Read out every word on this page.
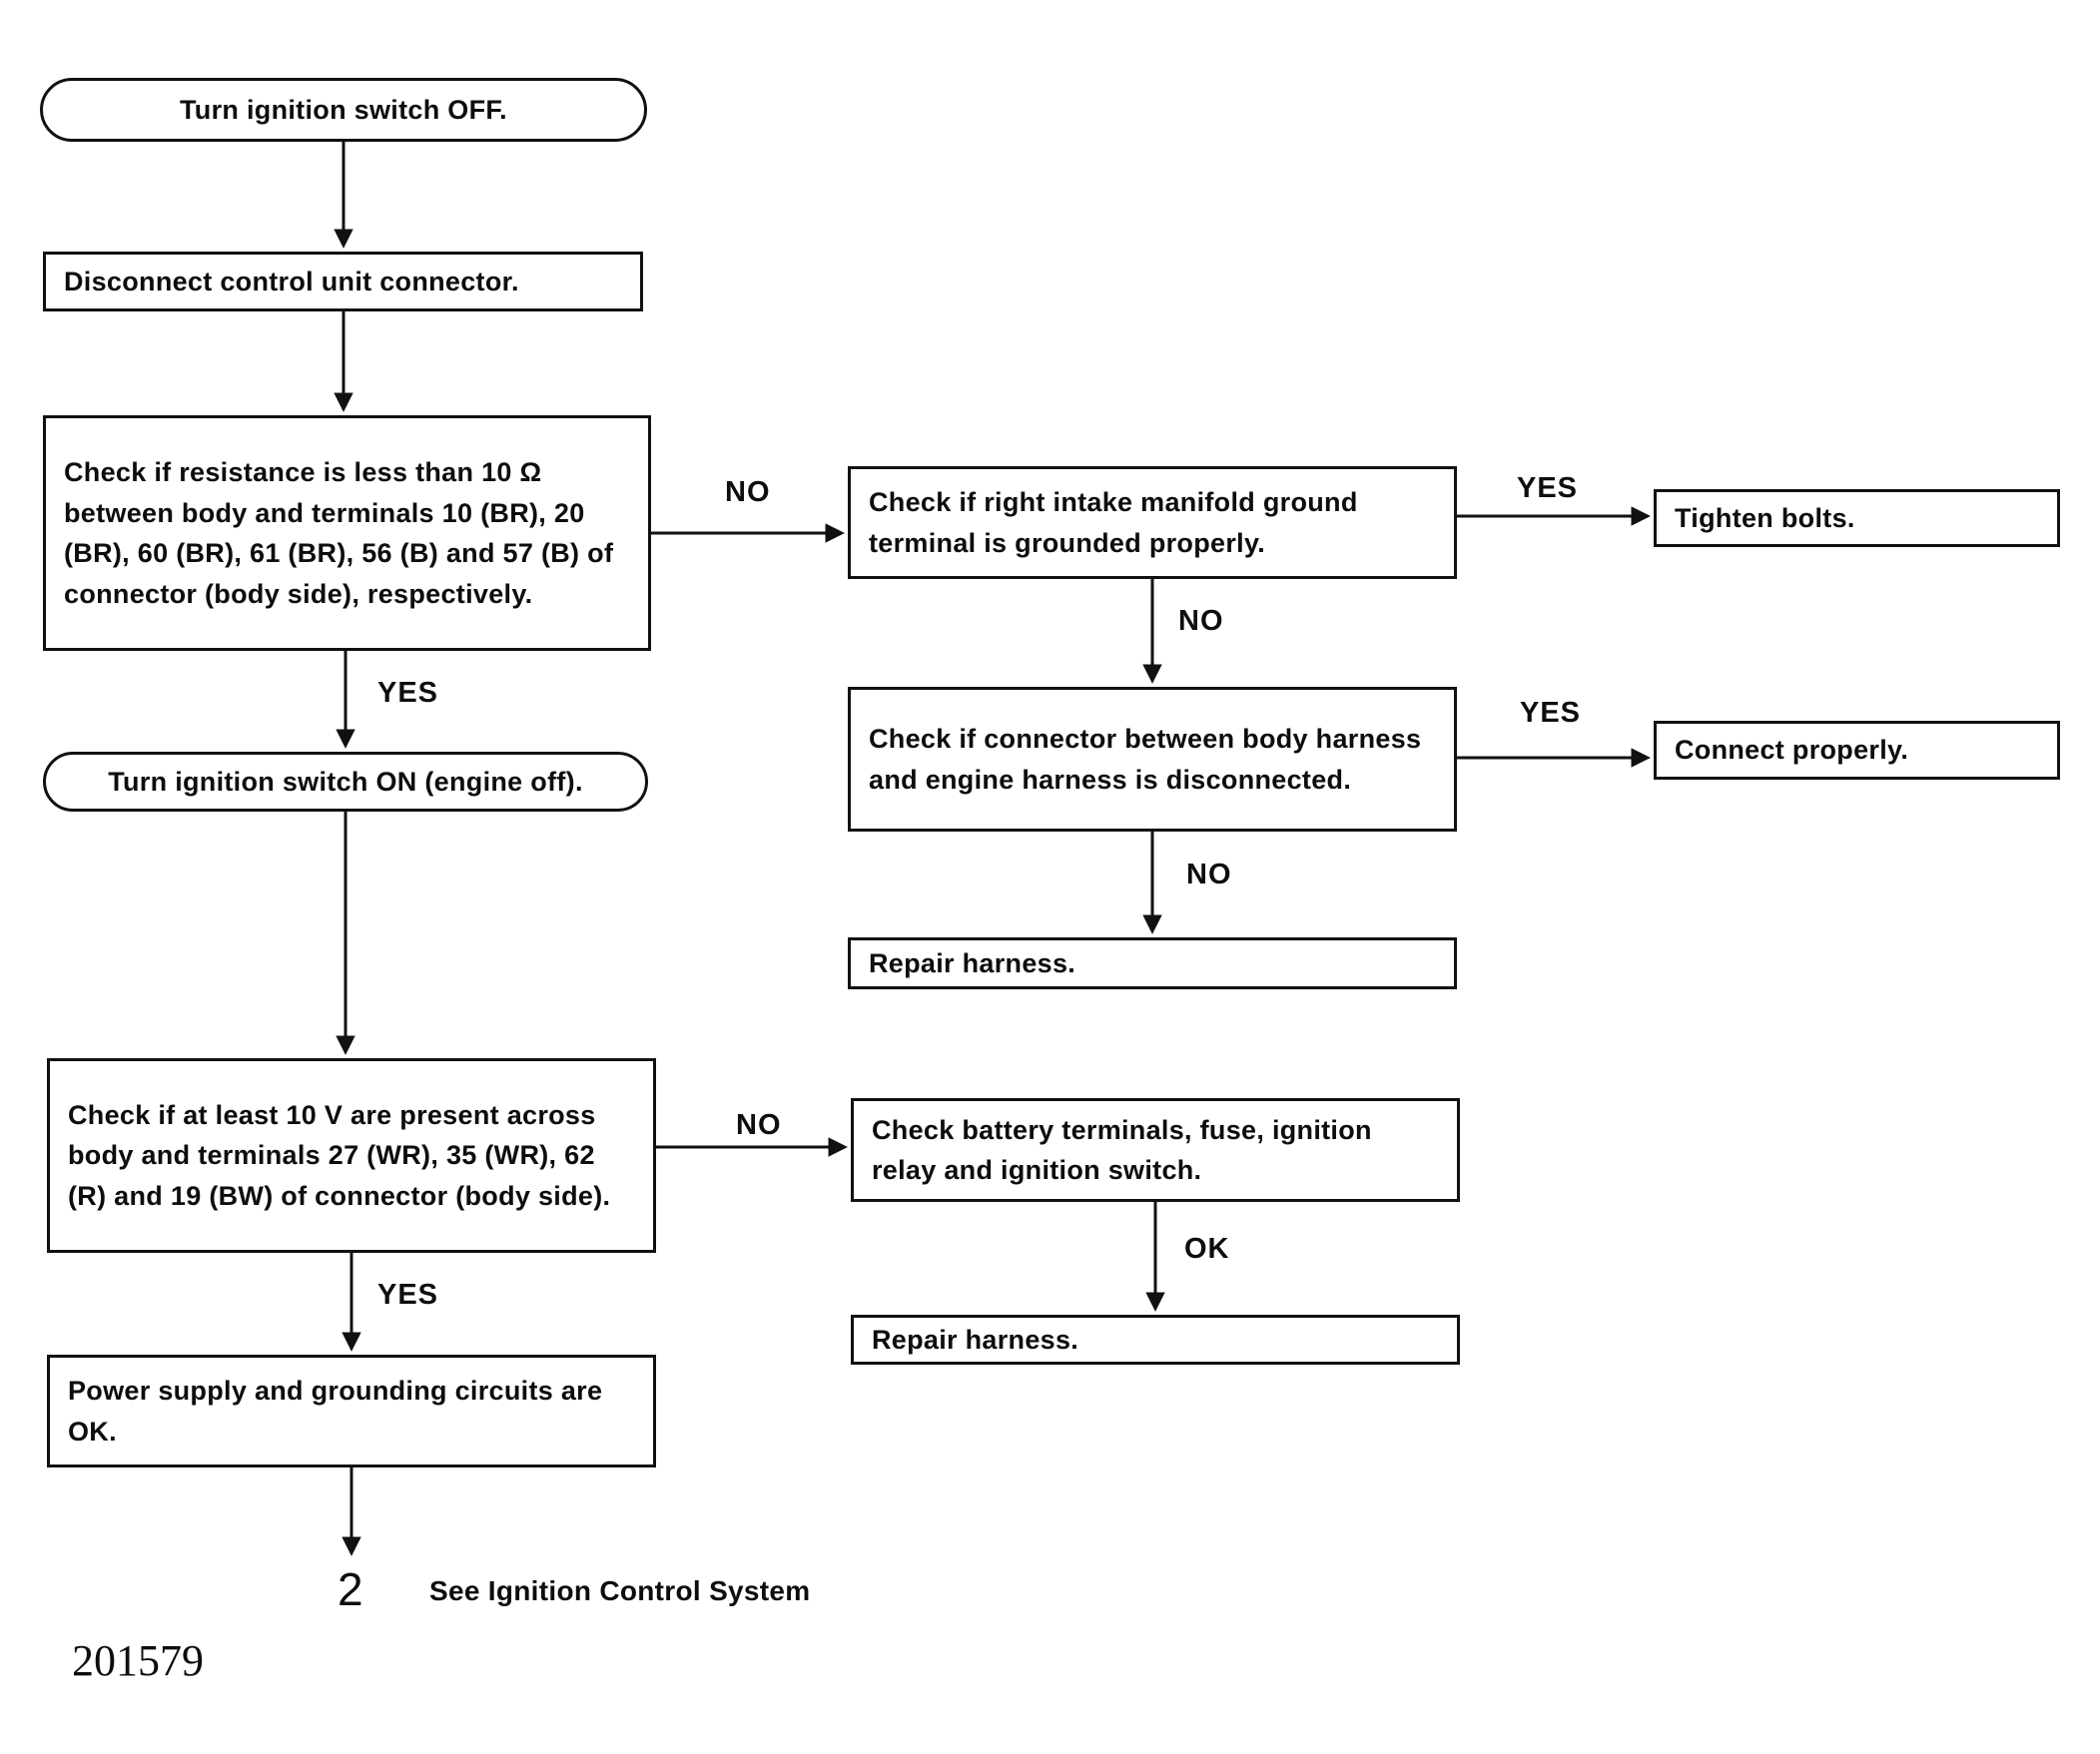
Turn ignition switch OFF.
Disconnect control unit connector.
Check if resistance is less than 10 Ω between body and terminals 10 (BR), 20 (BR), 60 (BR), 61 (BR), 56 (B) and 57 (B) of connector (body side), respectively.
Turn ignition switch ON (engine off).
Check if at least 10 V are present across body and terminals 27 (WR), 35 (WR), 62 (R) and 19 (BW) of connector (body side).
Power supply and grounding circuits are OK.
Check if right intake manifold ground terminal is grounded properly.
Tighten bolts.
Check if connector between body harness and engine harness is disconnected.
Connect properly.
Repair harness.
Check battery terminals, fuse, ignition relay and ignition switch.
Repair harness.
NO
YES
YES
NO
YES
NO
NO
YES
OK
2 See Ignition Control System
201579
